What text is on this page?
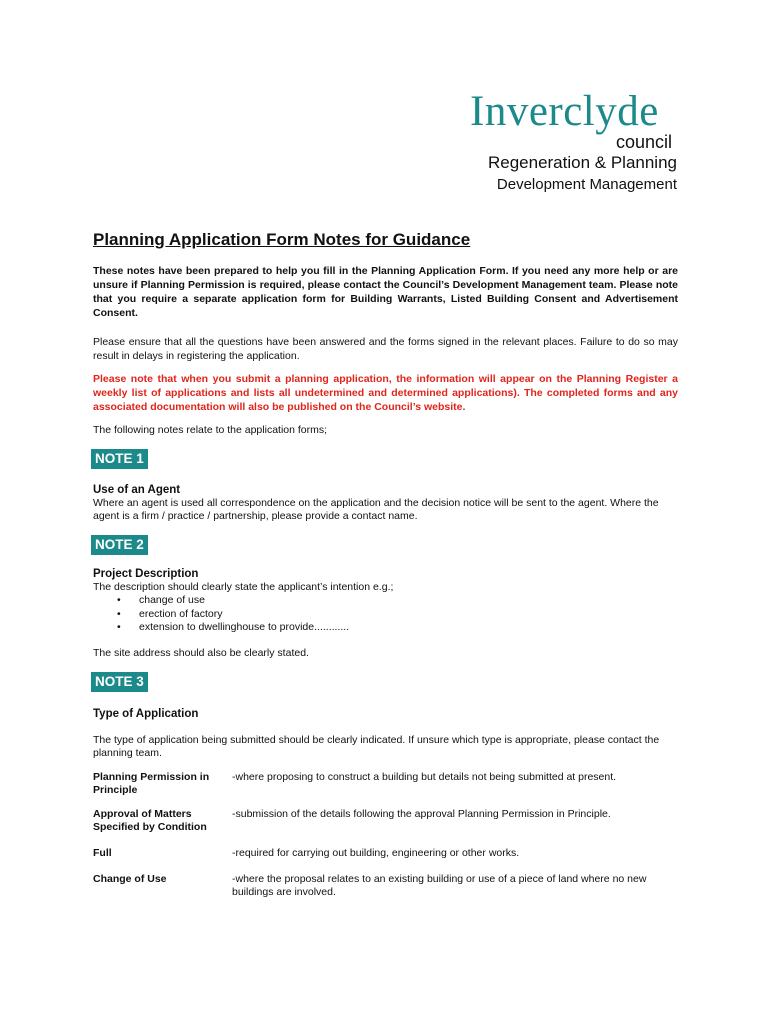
Inverclyde
council
Regeneration & Planning
Development Management
Planning Application Form Notes for Guidance

These notes have been prepared to help you fill in the Planning Application Form. If you need any more help or are unsure if Planning Permission is required, please contact the Council’s Development Management team. Please note that you require a separate application form for Building Warrants, Listed Building Consent and Advertisement Consent.

Please ensure that all the questions have been answered and the forms signed in the relevant places. Failure to do so may result in delays in registering the application.

Please note that when you submit a planning application, the information will appear on the Planning Register a weekly list of applications and lists all undetermined and determined applications). The completed forms and any associated documentation will also be published on the Council’s website.

The following notes relate to the application forms;

NOTE 1
Use of an Agent

Where an agent is used all correspondence on the application and the decision notice will be sent to the agent. Where the agent is a firm / practice / partnership, please provide a contact name.

NOTE 2
Project Description

The description should clearly state the applicant’s intention e.g.;

• change of use
• erection of factory
• extension to dwellinghouse to provide............

The site address should also be clearly stated.

NOTE 3
Type of Application

The type of application being submitted should be clearly indicated. If unsure which type is appropriate, please contact the planning team.

Planning Permission in Principle
-where proposing to construct a building but details not being submitted at present.
Approval of Matters Specified by Condition
-submission of the details following the approval Planning Permission in Principle.
Full	-required for carrying out building, engineering or other works.
Change of Use	-where the proposal relates to an existing building or use of a piece of land where no new buildings are involved.
